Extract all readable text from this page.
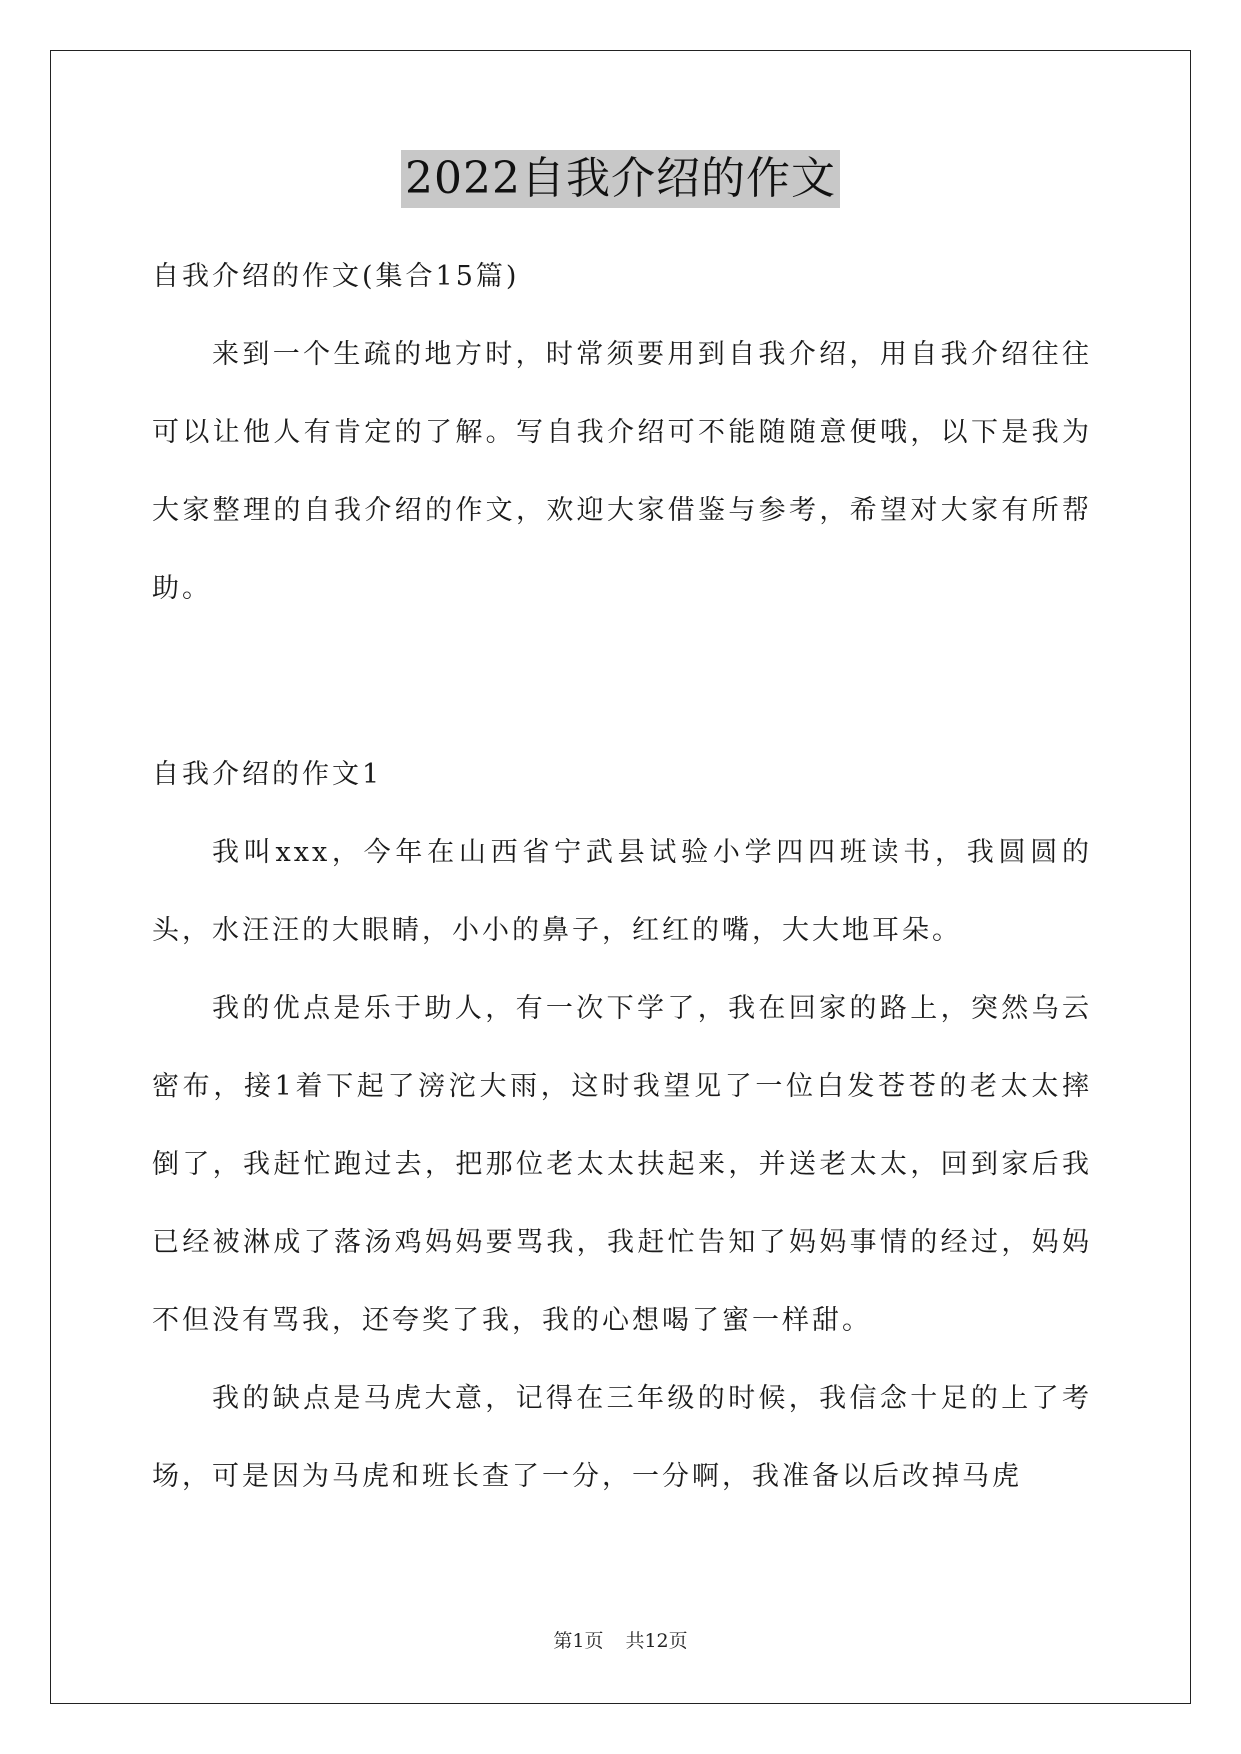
2022自我介绍的作文

自我介绍的作文(集合15篇)

来到一个生疏的地方时，时常须要用到自我介绍，用自我介绍往往可以让他人有肯定的了解。写自我介绍可不能随随意便哦，以下是我为大家整理的自我介绍的作文，欢迎大家借鉴与参考，希望对大家有所帮助。

自我介绍的作文1

我叫xxx，今年在山西省宁武县试验小学四四班读书，我圆圆的头，水汪汪的大眼睛，小小的鼻子，红红的嘴，大大地耳朵。

我的优点是乐于助人，有一次下学了，我在回家的路上，突然乌云密布，接1着下起了滂沱大雨，这时我望见了一位白发苍苍的老太太摔倒了，我赶忙跑过去，把那位老太太扶起来，并送老太太，回到家后我已经被淋成了落汤鸡妈妈要骂我，我赶忙告知了妈妈事情的经过，妈妈不但没有骂我，还夸奖了我，我的心想喝了蜜一样甜。

我的缺点是马虎大意，记得在三年级的时候，我信念十足的上了考场，可是因为马虎和班长查了一分，一分啊，我准备以后改掉马虎

第1页 共12页
